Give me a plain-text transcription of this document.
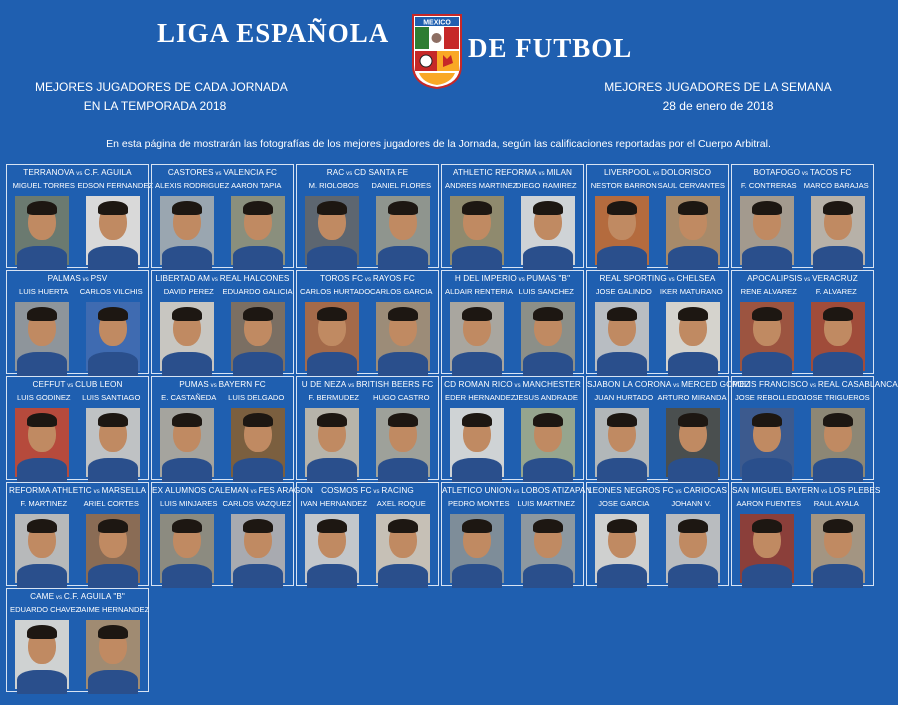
LIGA ESPAÑOLA	MEXICO
DE FUTBOL
MEJORES JUGADORES DE CADA JORNADA
EN LA TEMPORADA 2018
MEJORES JUGADORES DE LA SEMANA
28 de enero de 2018
En esta página de mostrarán las fotografías de los mejores jugadores de la Jornada, según las calificaciones reportadas por el Cuerpo Arbitral.
TERRANOVA vs C.F. AGUILA
MIGUEL TORRES EDSON FERNANDEZ
CASTORES vs VALENCIA FC
ALEXIS RODRIGUEZ AARON TAPIA
RAC vs CD SANTA FE
M. RIOLOBOS	DANIEL FLORES
ATHLETIC REFORMA vs MILAN
ANDRES MARTINEZ
DIEGO RAMIREZ
LIVERPOOL vs DOLORISCO
NESTOR BARRON SAUL CERVANTES
BOTAFOGO vs TACOS FC
F. CONTRERAS MARCO BARAJAS
PALMAS vs PSV
LUIS HUERTA	CARLOS VILCHIS
LIBERTAD AM vs REAL HALCONES
DAVID PEREZ	EDUARDO GALICIA
TOROS FC vs RAYOS FC
CARLOS HURTADO CARLOS GARCIA
H DEL IMPERIO vs PUMAS "B"
ALDAIR RENTERIA LUIS SANCHEZ
REAL SPORTING vs CHELSEA
JOSE GALINDO	IKER MATURANO
APOCALIPSIS vs VERACRUZ
RENE ALVAREZ	F. ALVAREZ
CEFFUT vs CLUB LEON
LUIS GODINEZ	LUIS SANTIAGO
PUMAS vs BAYERN FC
E. CASTAÑEDA	LUIS DELGADO
U DE NEZA vs BRITISH BEERS FC
F. BERMUDEZ	HUGO CASTRO
CD ROMAN RICO vs MANCHESTER
EDER HERNANDEZ JESUS ANDRADE
SJABON LA CORONA vs MERCED GOMEZ
JUAN HURTADO ARTURO MIRANDA
POLIS FRANCISCO vs REAL CASABLANCA
JOSE REBOLLEDO JOSE TRIGUEROS
REFORMA ATHLETIC vs MARSELLA
F. MARTINEZ	ARIEL CORTES
EX ALUMNOS CALEMAN vs FES ARAGON
LUIS MINJARES CARLOS VAZQUEZ
COSMOS FC vs RACING
IVAN HERNANDEZ	AXEL ROQUE
ATLETICO UNION vs LOBOS ATIZAPAN
PEDRO MONTES	LUIS MARTINEZ
LEONES NEGROS FC vs CARIOCAS
JOSE GARCIA	JOHANN V.
SAN MIGUEL BAYERN vs LOS PLEBES
AARON FUENTES	RAUL AYALA
CAME vs C.F. AGUILA "B"
EDUARDO CHAVEZ
JAIME HERNANDEZ
